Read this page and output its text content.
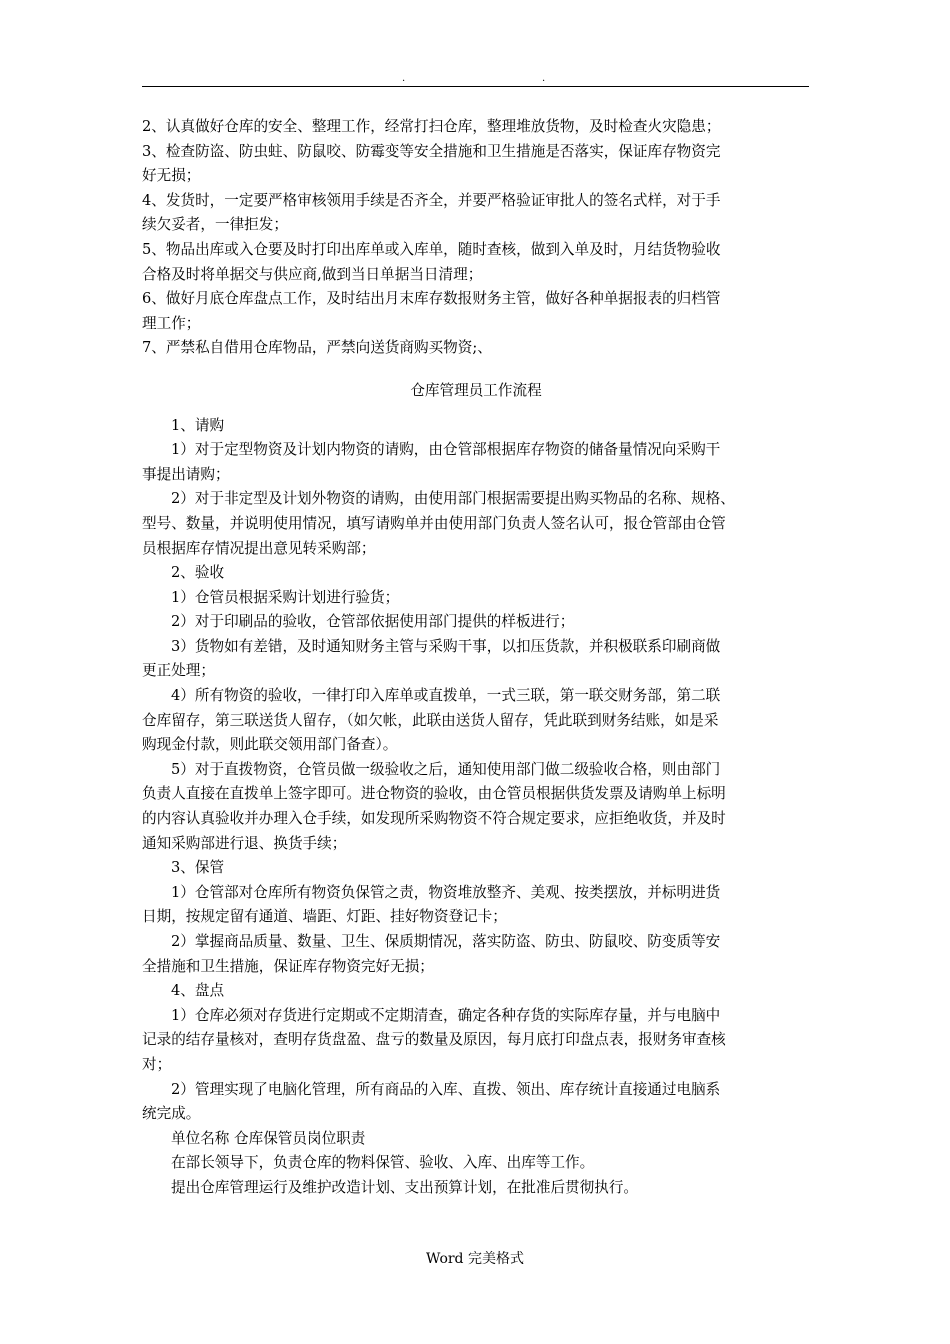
.	.
2、认真做好仓库的安全、整理工作，经常打扫仓库，整理堆放货物，及时检查火灾隐患；
3、检查防盗、防虫蛀、防鼠咬、防霉变等安全措施和卫生措施是否落实，保证库存物资完
好无损；
4、发货时，一定要严格审核领用手续是否齐全，并要严格验证审批人的签名式样，对于手
续欠妥者，一律拒发；
5、物品出库或入仓要及时打印出库单或入库单，随时查核，做到入单及时，月结货物验收
合格及时将单据交与供应商,做到当日单据当日清理；
6、做好月底仓库盘点工作，及时结出月末库存数报财务主管，做好各种单据报表的归档管
理工作；
7、严禁私自借用仓库物品，严禁向送货商购买物资;、
仓库管理员工作流程
1、请购
1）对于定型物资及计划内物资的请购，由仓管部根据库存物资的储备量情况向采购干
事提出请购；
2）对于非定型及计划外物资的请购，由使用部门根据需要提出购买物品的名称、规格、
型号、数量，并说明使用情况，填写请购单并由使用部门负责人签名认可，报仓管部由仓管
员根据库存情况提出意见转采购部；
2、验收
1）仓管员根据采购计划进行验货；
2）对于印刷品的验收，仓管部依据使用部门提供的样板进行；
3）货物如有差错，及时通知财务主管与采购干事，以扣压货款，并积极联系印刷商做
更正处理；
4）所有物资的验收，一律打印入库单或直拨单，一式三联，第一联交财务部，第二联
仓库留存，第三联送货人留存，（如欠帐，此联由送货人留存，凭此联到财务结账，如是采
购现金付款，则此联交领用部门备查）。
5）对于直拨物资，仓管员做一级验收之后，通知使用部门做二级验收合格，则由部门
负责人直接在直拨单上签字即可。进仓物资的验收，由仓管员根据供货发票及请购单上标明
的内容认真验收并办理入仓手续，如发现所采购物资不符合规定要求，应拒绝收货，并及时
通知采购部进行退、换货手续；
3、保管
1）仓管部对仓库所有物资负保管之责，物资堆放整齐、美观、按类摆放，并标明进货
日期，按规定留有通道、墙距、灯距、挂好物资登记卡；
2）掌握商品质量、数量、卫生、保质期情况，落实防盗、防虫、防鼠咬、防变质等安
全措施和卫生措施，保证库存物资完好无损；
4、盘点
1）仓库必须对存货进行定期或不定期清查，确定各种存货的实际库存量，并与电脑中
记录的结存量核对，查明存货盘盈、盘亏的数量及原因，每月底打印盘点表，报财务审查核
对；
2）管理实现了电脑化管理，所有商品的入库、直拨、领出、库存统计直接通过电脑系
统完成。
单位名称 仓库保管员岗位职责
在部长领导下，负责仓库的物料保管、验收、入库、出库等工作。
提出仓库管理运行及维护改造计划、支出预算计划，在批准后贯彻执行。
Word 完美格式
